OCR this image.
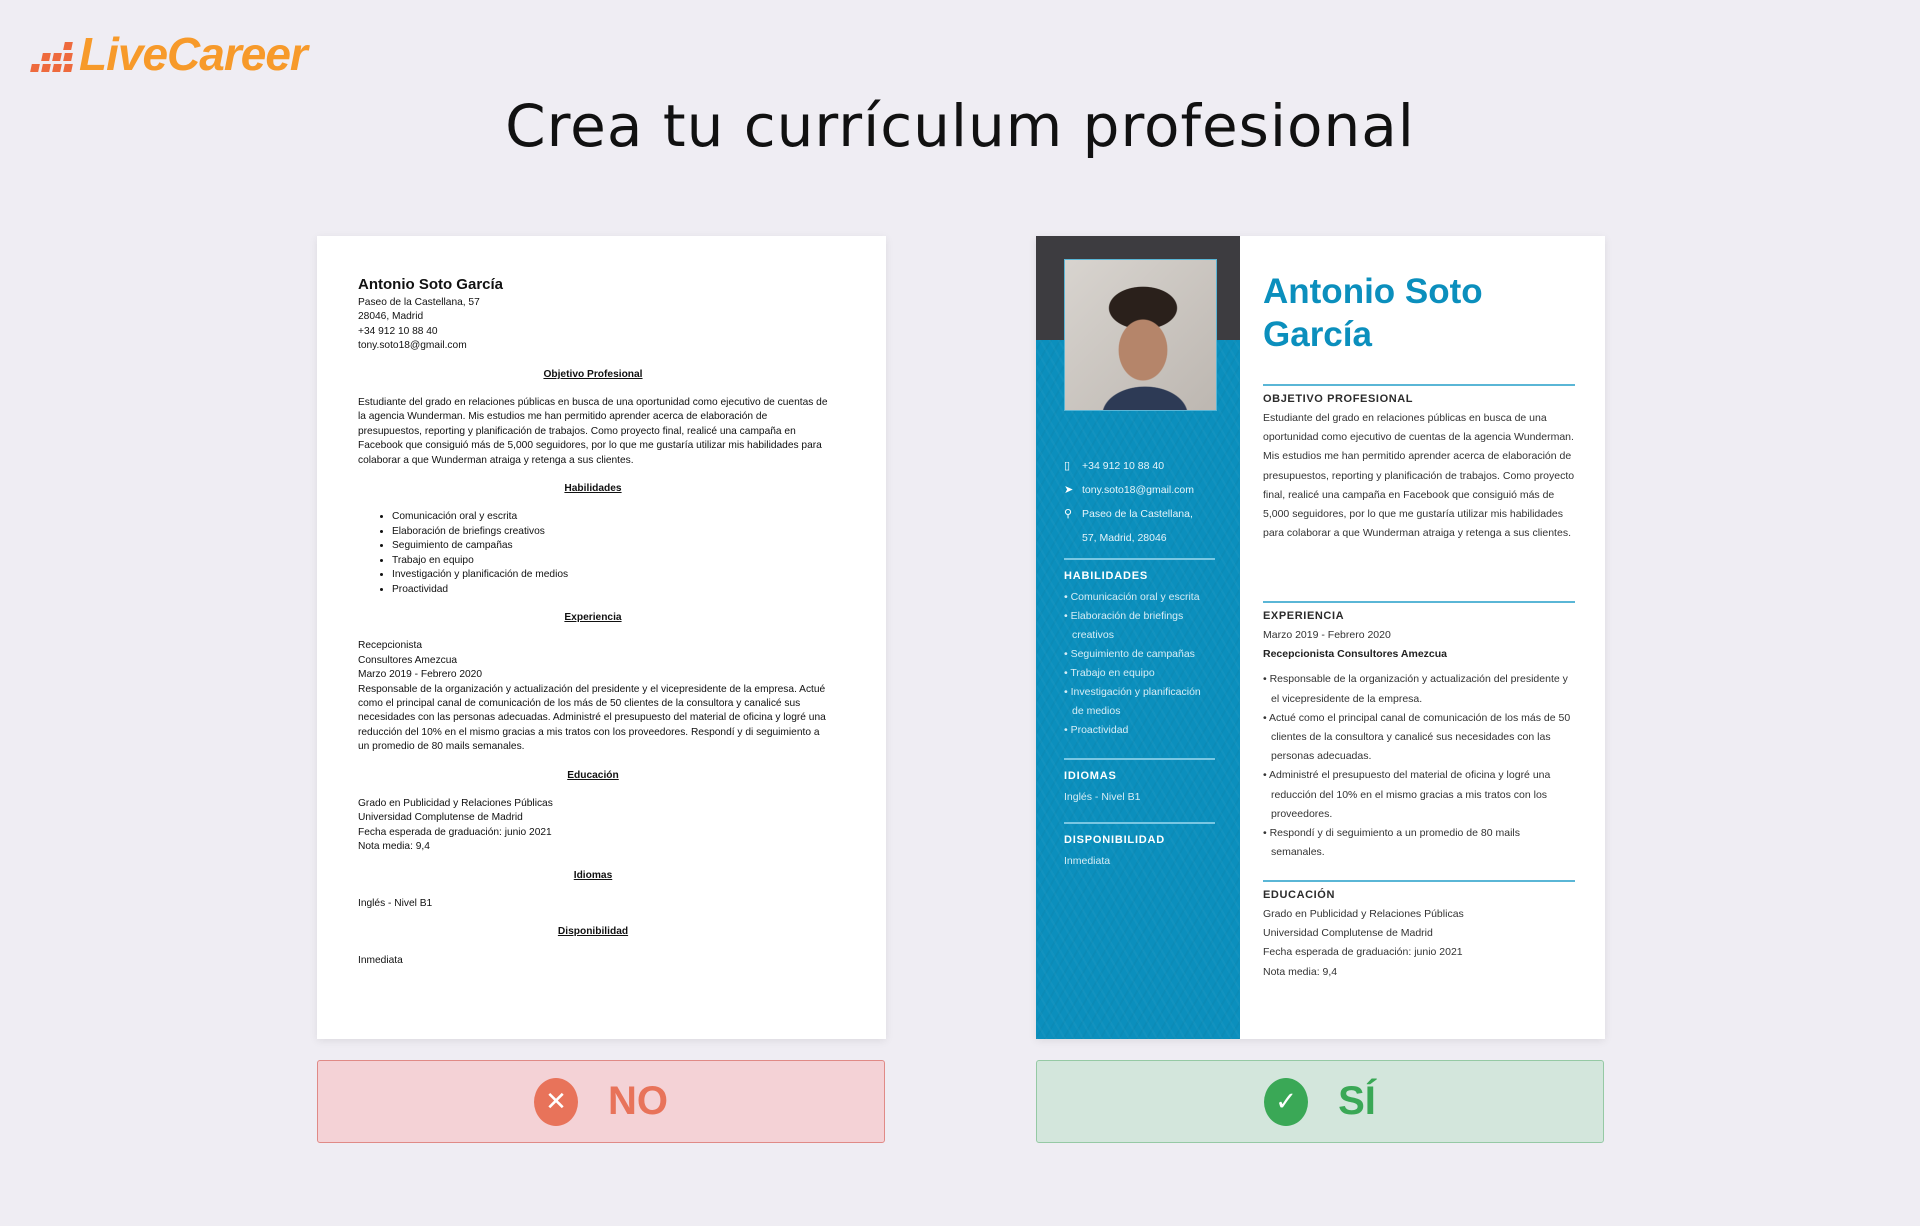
LiveCareer
Crea tu currículum profesional
Antonio Soto García
Paseo de la Castellana, 57
28046, Madrid
+34 912 10 88 40
tony.soto18@gmail.com
Objetivo Profesional
Estudiante del grado en relaciones públicas en busca de una oportunidad como ejecutivo de cuentas de la agencia Wunderman. Mis estudios me han permitido aprender acerca de elaboración de presupuestos, reporting y planificación de trabajos. Como proyecto final, realicé una campaña en Facebook que consiguió más de 5,000 seguidores, por lo que me gustaría utilizar mis habilidades para colaborar a que Wunderman atraiga y retenga a sus clientes.
Habilidades
• Comunicación oral y escrita
• Elaboración de briefings creativos
• Seguimiento de campañas
• Trabajo en equipo
• Investigación y planificación de medios
• Proactividad
Experiencia
Recepcionista
Consultores Amezcua
Marzo 2019 - Febrero 2020
Responsable de la organización y actualización del presidente y el vicepresidente de la empresa. Actué como el principal canal de comunicación de los más de 50 clientes de la consultora y canalicé sus necesidades con las personas adecuadas. Administré el presupuesto del material de oficina y logré una reducción del 10% en el mismo gracias a mis tratos con los proveedores. Respondí y di seguimiento a un promedio de 80 mails semanales.
Educación
Grado en Publicidad y Relaciones Públicas
Universidad Complutense de Madrid
Fecha esperada de graduación: junio 2021
Nota media: 9,4
Idiomas
Inglés - Nivel B1
Disponibilidad
Inmediata
▯	+34 912 10 88 40
➤ tony.soto18@gmail.com
⚲ Paseo de la Castellana,
57, Madrid, 28046
HABILIDADES
• Comunicación oral y escrita
• Elaboración de briefings creativos
• Seguimiento de campañas
• Trabajo en equipo
• Investigación y planificación de medios
• Proactividad
IDIOMAS
Inglés - Nivel B1
DISPONIBILIDAD
Inmediata
Antonio Soto
García
OBJETIVO PROFESIONAL
Estudiante del grado en relaciones públicas en busca de una oportunidad como ejecutivo de cuentas de la agencia Wunderman. Mis estudios me han permitido aprender acerca de elaboración de presupuestos, reporting y planificación de trabajos. Como proyecto final, realicé una campaña en Facebook que consiguió más de 5,000 seguidores, por lo que me gustaría utilizar mis habilidades para colaborar a que Wunderman atraiga y retenga a sus clientes.
EXPERIENCIA
Marzo 2019 - Febrero 2020
Recepcionista Consultores Amezcua
• Responsable de la organización y actualización del presidente y el vicepresidente de la empresa.
• Actué como el principal canal de comunicación de los más de 50 clientes de la consultora y canalicé sus necesidades con las personas adecuadas.
• Administré el presupuesto del material de oficina y logré una reducción del 10% en el mismo gracias a mis tratos con los proveedores.
• Respondí y di seguimiento a un promedio de 80 mails semanales.
EDUCACIÓN
Grado en Publicidad y Relaciones Públicas
Universidad Complutense de Madrid
Fecha esperada de graduación: junio 2021
Nota media: 9,4
✕ NO	✓ SÍ
